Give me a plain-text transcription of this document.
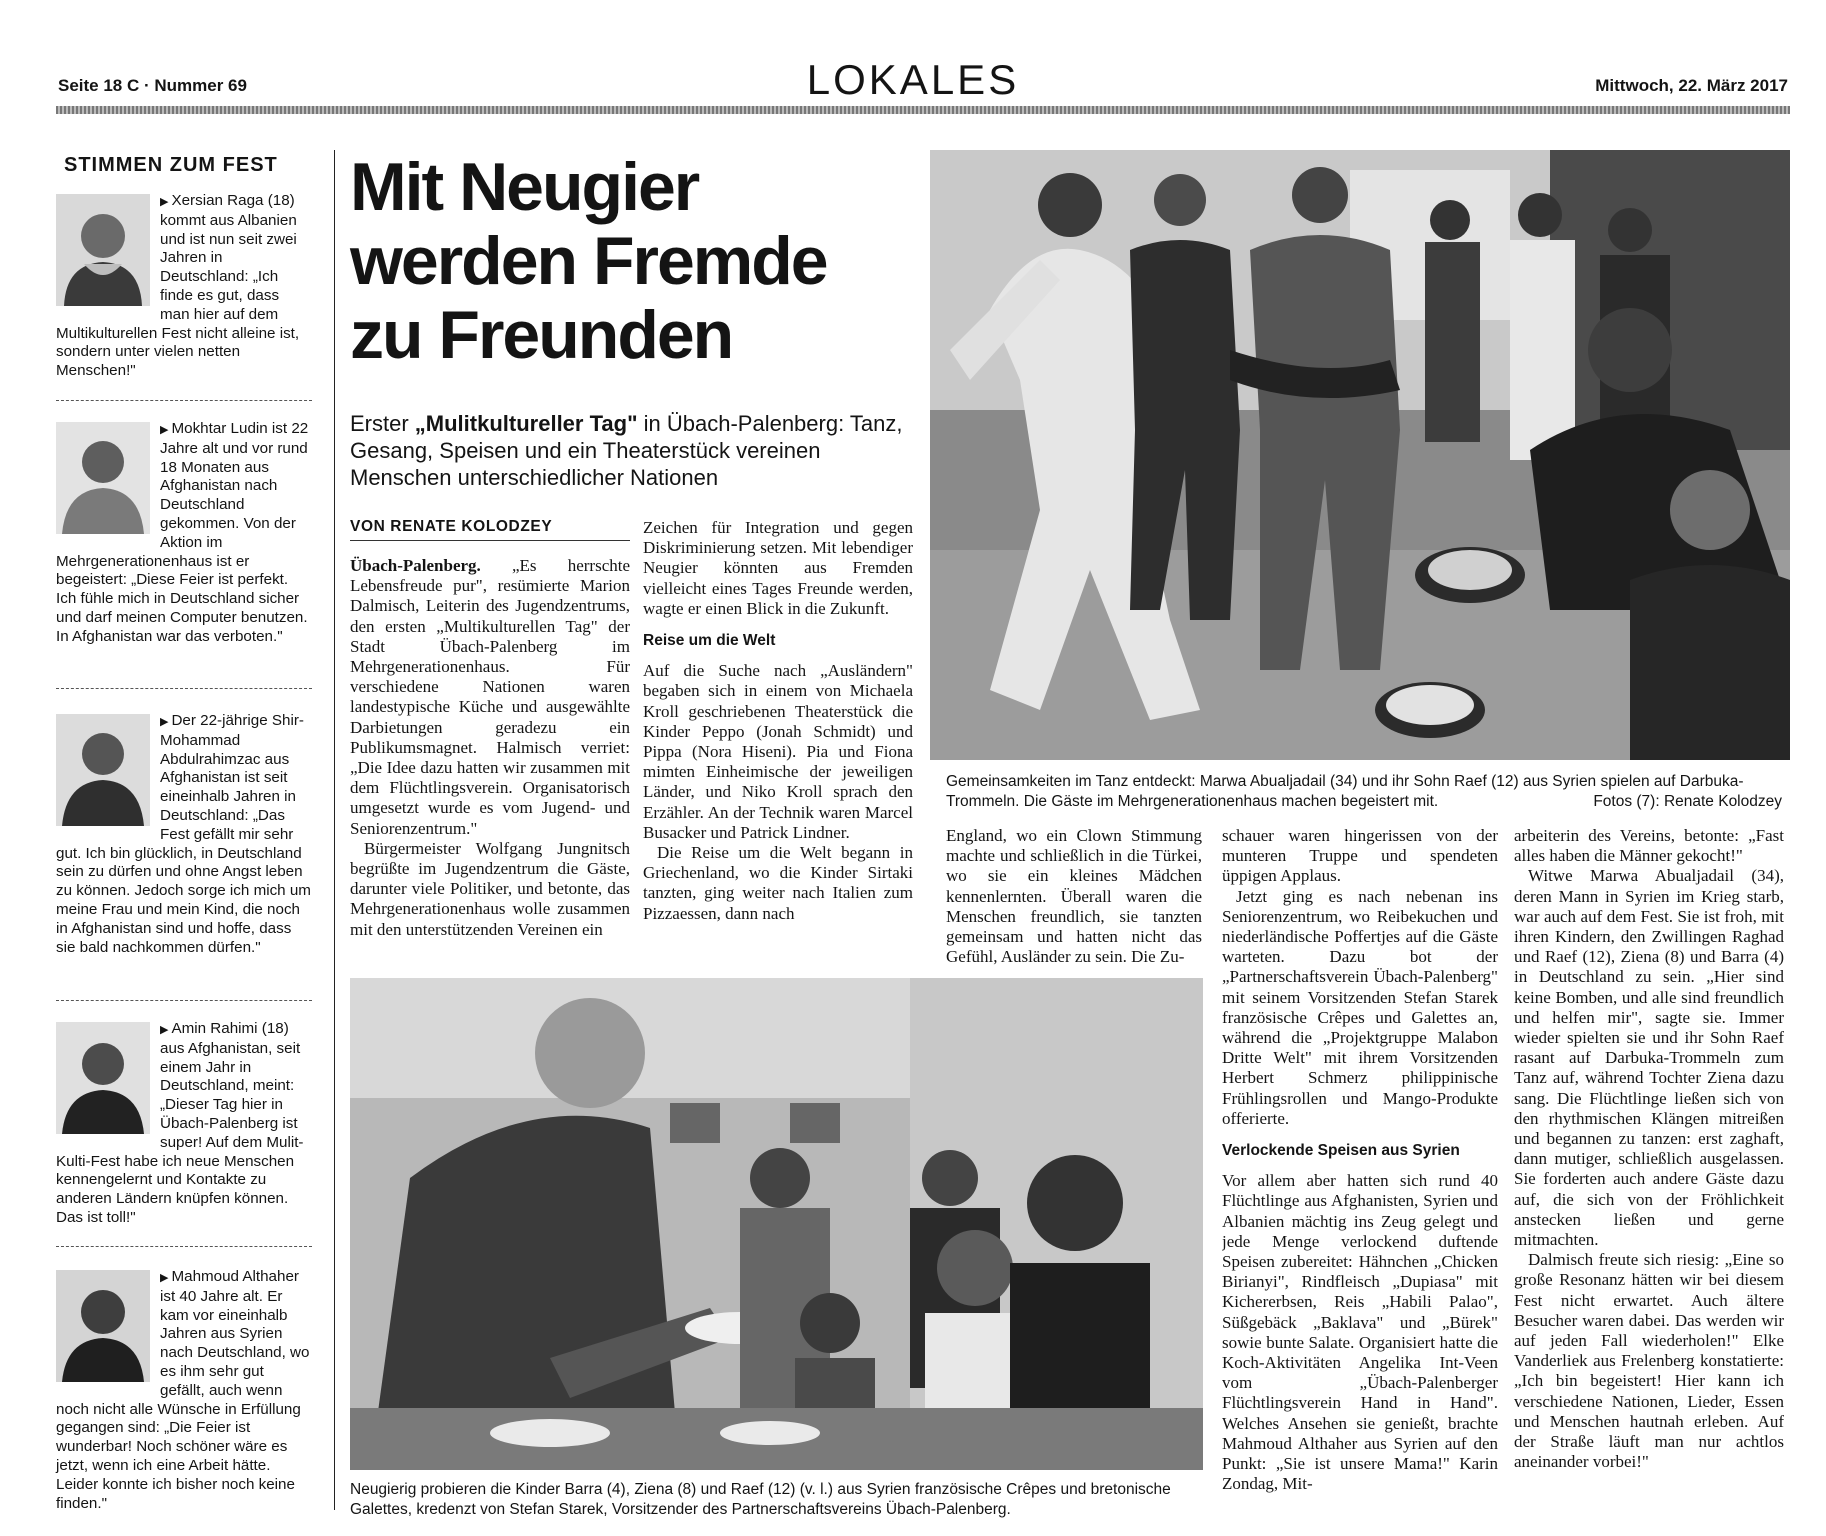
Seite 18 C · Nummer 69	LOKALES	Mittwoch, 22. März 2017
STIMMEN ZUM FEST

▶ Xersian Raga (18) kommt aus Albanien und ist nun seit zwei Jahren in Deutschland: „Ich finde es gut, dass man hier auf dem Multikulturellen Fest nicht alleine ist, sondern unter vielen netten Menschen!"

▶ Mokhtar Ludin ist 22 Jahre alt und vor rund 18 Monaten aus Afghanistan nach Deutschland gekommen. Von der Aktion im Mehrgenerationenhaus ist er begeistert: „Diese Feier ist perfekt. Ich fühle mich in Deutschland sicher und darf meinen Computer benutzen. In Afghanistan war das verboten."

▶ Der 22-jährige Shir-Mohammad Abdulrahimzac aus Afghanistan ist seit eineinhalb Jahren in Deutschland: „Das Fest gefällt mir sehr gut. Ich bin glücklich, in Deutschland sein zu dürfen und ohne Angst leben zu können. Jedoch sorge ich mich um meine Frau und mein Kind, die noch in Afghanistan sind und hoffe, dass sie bald nachkommen dürfen."

▶ Amin Rahimi (18) aus Afghanistan, seit einem Jahr in Deutschland, meint: „Dieser Tag hier in Übach-Palenberg ist super! Auf dem Mulit-Kulti-Fest habe ich neue Menschen kennengelernt und Kontakte zu anderen Ländern knüpfen können. Das ist toll!"

▶ Mahmoud Althaher ist 40 Jahre alt. Er kam vor eineinhalb Jahren aus Syrien nach Deutschland, wo es ihm sehr gut gefällt, auch wenn noch nicht alle Wünsche in Erfüllung gegangen sind: „Die Feier ist wunderbar! Noch schöner wäre es jetzt, wenn ich eine Arbeit hätte. Leider konnte ich bisher noch keine finden."

Mit Neugier werden Fremde zu Freunden
Erster „Mulitkultureller Tag" in Übach-Palenberg: Tanz, Gesang, Speisen und ein Theaterstück vereinen Menschen unterschiedlicher Nationen
VON RENATE KOLODZEY

Übach-Palenberg. „Es herrschte Lebensfreude pur", resümierte Marion Dalmisch, Leiterin des Jugendzentrums, den ersten „Multikulturellen Tag" der Stadt Übach-Palenberg im Mehrgenerationenhaus. Für verschiedene Nationen waren landestypische Küche und ausgewählte Darbietungen geradezu ein Publikumsmagnet. Halmisch verriet: „Die Idee dazu hatten wir zusammen mit dem Flüchtlingsverein. Organisatorisch umgesetzt wurde es vom Jugend- und Seniorenzentrum."

Bürgermeister Wolfgang Jungnitsch begrüßte im Jugendzentrum die Gäste, darunter viele Politiker, und betonte, das Mehrgenerationenhaus wolle zusammen mit den unterstützenden Vereinen ein

Zeichen für Integration und gegen Diskriminierung setzen. Mit lebendiger Neugier könnten aus Fremden vielleicht eines Tages Freunde werden, wagte er einen Blick in die Zukunft.

Reise um die Welt

Auf die Suche nach „Ausländern" begaben sich in einem von Michaela Kroll geschriebenen Theaterstück die Kinder Peppo (Jonah Schmidt) und Pippa (Nora Hiseni). Pia und Fiona mimten Einheimische der jeweiligen Länder, und Niko Kroll sprach den Erzähler. An der Technik waren Marcel Busacker und Patrick Lindner.

Die Reise um die Welt begann in Griechenland, wo die Kinder Sirtaki tanzten, ging weiter nach Italien zum Pizzaessen, dann nach

Gemeinsamkeiten im Tanz entdeckt: Marwa Abualjadail (34) und ihr Sohn Raef (12) aus Syrien spielen auf Darbuka-Trommeln. Die Gäste im Mehrgenerationenhaus machen begeistert mit.	Fotos (7): Renate Kolodzey

England, wo ein Clown Stimmung machte und schließlich in die Türkei, wo sie ein kleines Mädchen kennenlernten. Überall waren die Menschen freundlich, sie tanzten gemeinsam und hatten nicht das Gefühl, Ausländer zu sein. Die Zu-

schauer waren hingerissen von der munteren Truppe und spendeten üppigen Applaus.

Jetzt ging es nach nebenan ins Seniorenzentrum, wo Reibekuchen und niederländische Poffertjes auf die Gäste warteten. Dazu bot der „Partnerschaftsverein Übach-Palenberg" mit seinem Vorsitzenden Stefan Starek französische Crêpes und Galettes an, während die „Projektgruppe Malabon Dritte Welt" mit ihrem Vorsitzenden Herbert Schmerz philippinische Frühlingsrollen und Mango-Produkte offerierte.

Verlockende Speisen aus Syrien

Vor allem aber hatten sich rund 40 Flüchtlinge aus Afghanisten, Syrien und Albanien mächtig ins Zeug gelegt und jede Menge verlockend duftende Speisen zubereitet: Hähnchen „Chicken Birianyi", Rindfleisch „Dupiasa" mit Kichererbsen, Reis „Habili Palao", Süßgebäck „Baklava" und „Bürek" sowie bunte Salate. Organisiert hatte die Koch-Aktivitäten Angelika Int-Veen vom „Übach-Palenberger Flüchtlingsverein Hand in Hand". Welches Ansehen sie genießt, brachte Mahmoud Althaher aus Syrien auf den Punkt: „Sie ist unsere Mama!" Karin Zondag, Mit-

arbeiterin des Vereins, betonte: „Fast alles haben die Männer gekocht!"

Witwe Marwa Abualjadail (34), deren Mann in Syrien im Krieg starb, war auch auf dem Fest. Sie ist froh, mit ihren Kindern, den Zwillingen Raghad und Raef (12), Ziena (8) und Barra (4) in Deutschland zu sein. „Hier sind keine Bomben, und alle sind freundlich und helfen mir", sagte sie. Immer wieder spielten sie und ihr Sohn Raef rasant auf Darbuka-Trommeln zum Tanz auf, während Tochter Ziena dazu sang. Die Flüchtlinge ließen sich von den rhythmischen Klängen mitreißen und begannen zu tanzen: erst zaghaft, dann mutiger, schließlich ausgelassen. Sie forderten auch andere Gäste dazu auf, die sich von der Fröhlichkeit anstecken ließen und gerne mitmachten.

Dalmisch freute sich riesig: „Eine so große Resonanz hätten wir bei diesem Fest nicht erwartet. Auch ältere Besucher waren dabei. Das werden wir auf jeden Fall wiederholen!" Elke Vanderliek aus Frelenberg konstatierte: „Ich bin begeistert! Hier kann ich verschiedene Nationen, Lieder, Essen und Menschen hautnah erleben. Auf der Straße läuft man nur achtlos aneinander vorbei!"

Neugierig probieren die Kinder Barra (4), Ziena (8) und Raef (12) (v. l.) aus Syrien französische Crêpes und bretonische Galettes, kredenzt von Stefan Starek, Vorsitzender des Partnerschaftsvereins Übach-Palenberg.
